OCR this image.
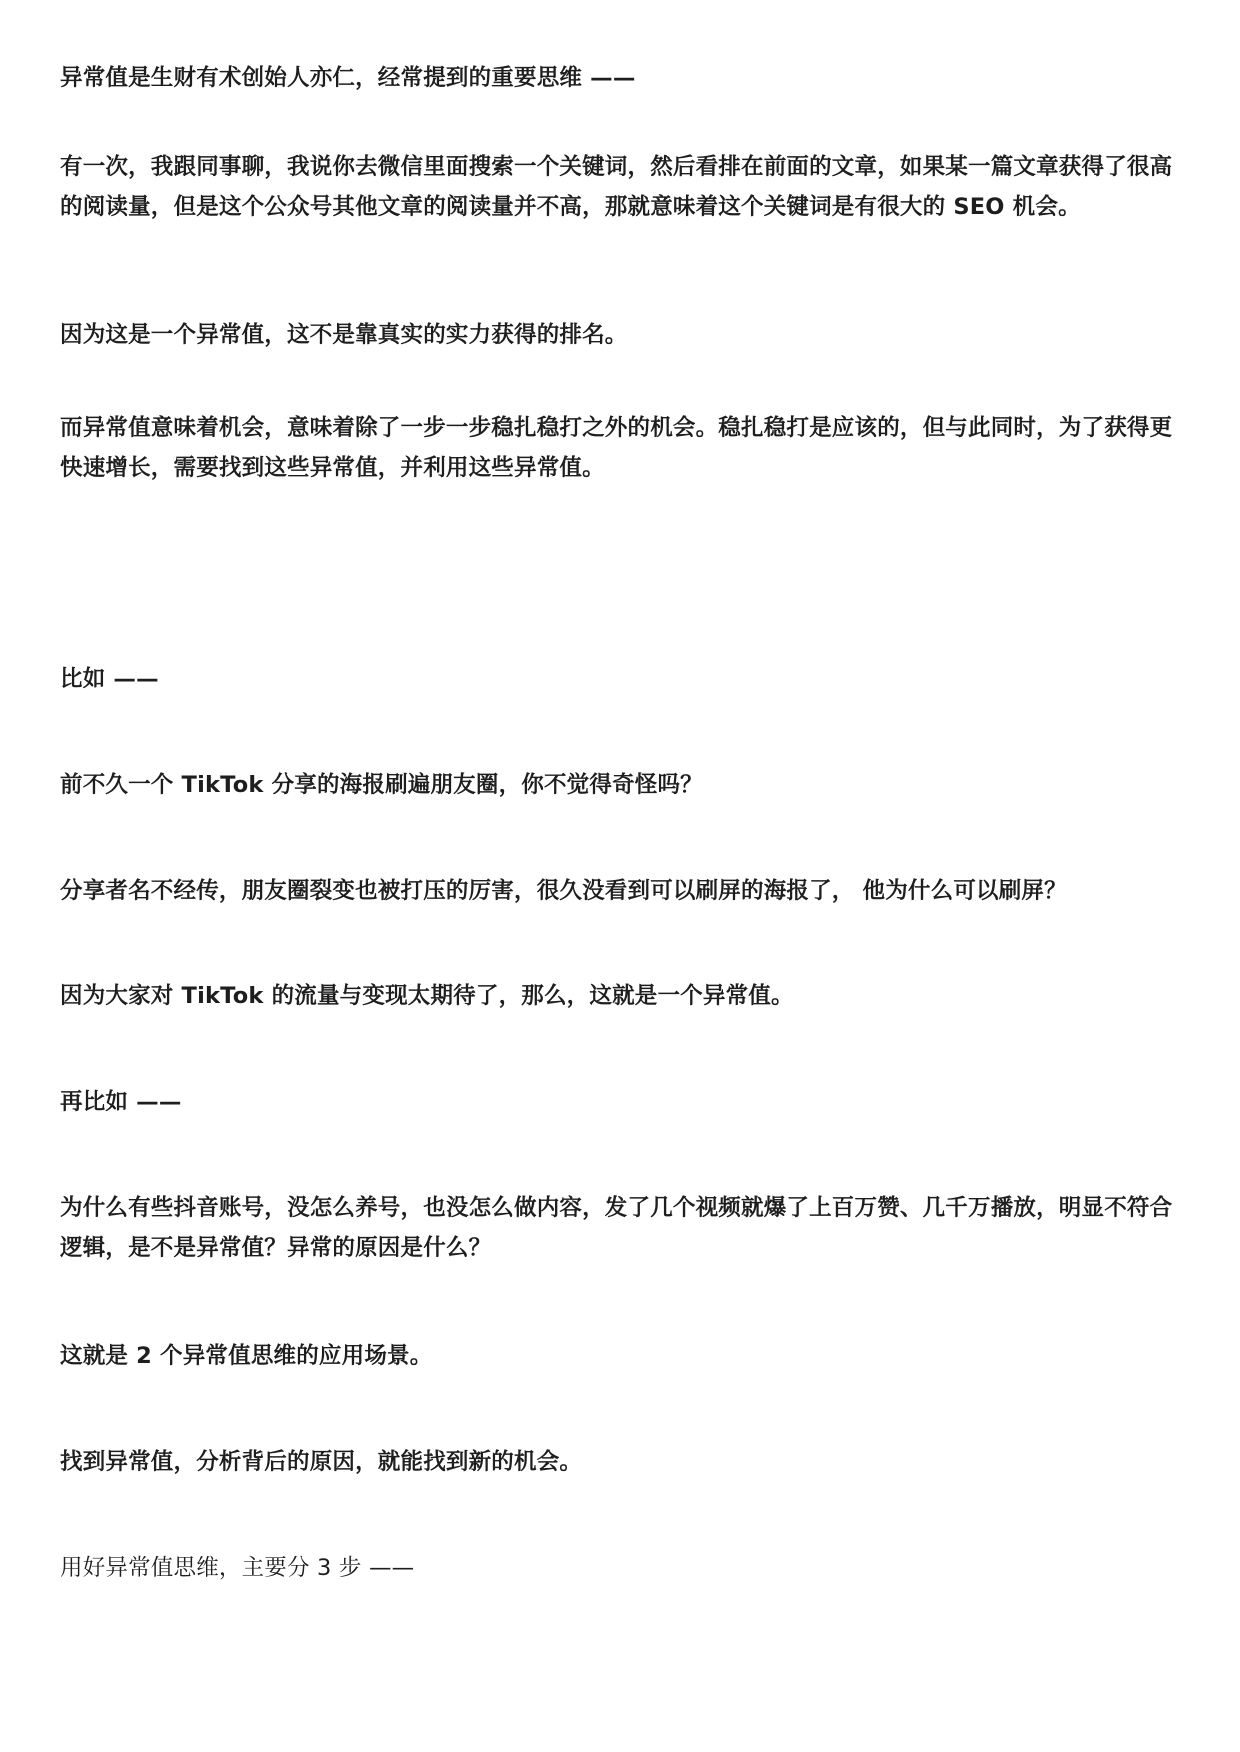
异常值是生财有术创始人亦仁，经常提到的重要思维 ——

有一次，我跟同事聊，我说你去微信里面搜索一个关键词，然后看排在前面的文章，如果某一篇文章获得了很高的阅读量，但是这个公众号其他文章的阅读量并不高，那就意味着这个关键词是有很大的 SEO 机会。

因为这是一个异常值，这不是靠真实的实力获得的排名。

而异常值意味着机会，意味着除了一步一步稳扎稳打之外的机会。稳扎稳打是应该的，但与此同时，为了获得更快速增长，需要找到这些异常值，并利用这些异常值。

比如 ——

前不久一个 TikTok 分享的海报刷遍朋友圈，你不觉得奇怪吗？

分享者名不经传，朋友圈裂变也被打压的厉害，很久没看到可以刷屏的海报了， 他为什么可以刷屏？

因为大家对 TikTok 的流量与变现太期待了，那么，这就是一个异常值。

再比如 ——

为什么有些抖音账号，没怎么养号，也没怎么做内容，发了几个视频就爆了上百万赞、几千万播放，明显不符合逻辑，是不是异常值？异常的原因是什么？

这就是 2 个异常值思维的应用场景。

找到异常值，分析背后的原因，就能找到新的机会。

用好异常值思维，主要分 3 步 ——
